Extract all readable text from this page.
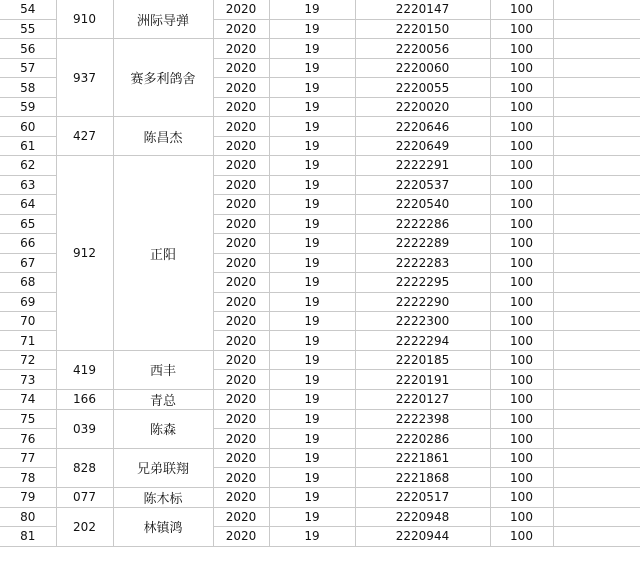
54	910	洲际导弹	2020	19	2220147	100	
55			2020	19	2220150	100	
56	937	赛多利鸽舍	2020	19	2220056	100	
57			2020	19	2220060	100	
58			2020	19	2220055	100	
59			2020	19	2220020	100	
60	427	陈昌杰	2020	19	2220646	100	
61			2020	19	2220649	100	
62	912	正阳	2020	19	2222291	100	
63			2020	19	2220537	100	
64			2020	19	2220540	100	
65			2020	19	2222286	100	
66			2020	19	2222289	100	
67			2020	19	2222283	100	
68			2020	19	2222295	100	
69			2020	19	2222290	100	
70			2020	19	2222300	100	
71			2020	19	2222294	100	
72	419	西丰	2020	19	2220185	100	
73			2020	19	2220191	100	
74	166	青总	2020	19	2220127	100	
75	039	陈森	2020	19	2222398	100	
76			2020	19	2220286	100	
77	828	兄弟联翔	2020	19	2221861	100	
78			2020	19	2221868	100	
79	077	陈木标	2020	19	2220517	100	
80	202	林镇鸿	2020	19	2220948	100	
81			2020	19	2220944	100	
